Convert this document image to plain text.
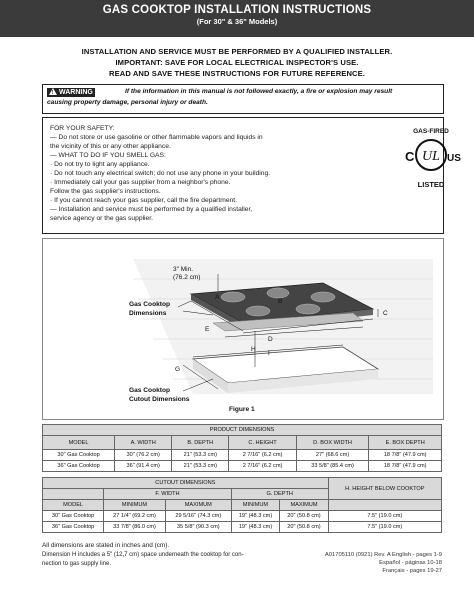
GAS COOKTOP INSTALLATION INSTRUCTIONS
(For 30" & 36" Models)
INSTALLATION AND SERVICE MUST BE PERFORMED BY A QUALIFIED INSTALLER.
IMPORTANT: SAVE FOR LOCAL ELECTRICAL INSPECTOR'S USE.
READ AND SAVE THESE INSTRUCTIONS FOR FUTURE REFERENCE.
!WARNING	If the information in this manual is not followed exactly, a fire or explosion may result
causing property damage, personal injury or death.
FOR YOUR SAFETY:
— Do not store or use gasoline or other flammable vapors and liquids in
the vicinity of this or any other appliance.
— WHAT TO DO IF YOU SMELL GAS:
· Do not try to light any appliance.
· Do not touch any electrical switch; do not use any phone in your building.
· Immediately call your gas supplier from a neighbor's phone.
Follow the gas supplier's instructions.
· If you cannot reach your gas supplier, call the fire department.
— Installation and service must be performed by a qualified installer,
service agency or the gas supplier.
GAS-FIRED
C UL US
LISTED
3" Min.
(76.2 cm)
A
B
C
D
E
F
G
H
Gas Cooktop
Dimensions
Gas Cooktop
Cutout Dimensions
Figure 1
PRODUCT DIMENSIONS					
MODEL	A. WIDTH	B. DEPTH	C. HEIGHT	D. BOX WIDTH	E. BOX DEPTH
30" Gas Cooktop	30" (76.2 cm)	21" (53.3 cm)	2 7/16" (6.2 cm)	27" (68.6 cm)	18 7/8" (47.9 cm)
36" Gas Cooktop	36" (91.4 cm)	21" (53.3 cm)	2 7/16" (6.2 cm)	33 5/8" (85.4 cm)	18 7/8" (47.9 cm)
CUTOUT DIMENSIONS					H. HEIGHT BELOW COOKTOP
	F. WIDTH		G. DEPTH		
MODEL	MINIMUM	MAXIMUM	MINIMUM	MAXIMUM	
30" Gas Cooktop	27 1/4" (69.2 cm)	29 5/16" (74.3 cm)	19" (48.3 cm)	20" (50.8 cm)	7.5" (19.0 cm)
36" Gas Cooktop	33 7/8" (86.0 cm)	35 5/8" (90.3 cm)	19" (48.3 cm)	20" (50.8 cm)	7.5" (19.0 cm)
All dimensions are stated in inches and (cm).
Dimension H includes a 5" (12,7 cm) space underneath the cooktop for con-
nection to gas supply line.
A01705110 (0921) Rev. A English - pages 1-9
Español - páginas 10-18
Français - pages 19-27
